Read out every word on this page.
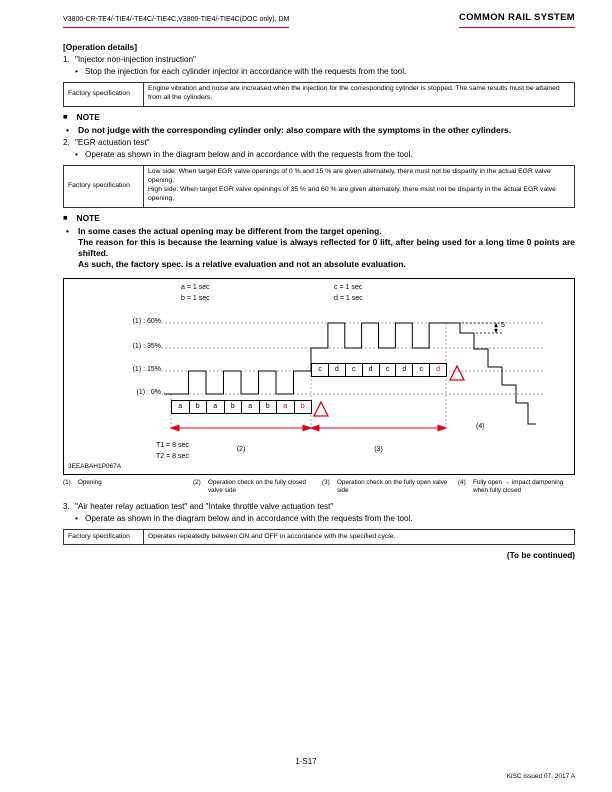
V3800-CR-TE4/-TIE4/-TE4C/-TIE4C,V3800-TIE4/-TIE4C(DOC only), DM	COMMON RAIL SYSTEM
[Operation details]
1. "Injector non-injection instruction"
• Stop the injection for each cylinder injector in accordance with the requests from the tool.
Factory specification	Engine vibration and noise are increased when the injection for the corresponding cylinder is stopped. The same results must be attained from all the cylinders.
■ NOTE
• Do not judge with the corresponding cylinder only: also compare with the symptoms in the other cylinders.
2. "EGR actuation test"
• Operate as shown in the diagram below and in accordance with the requests from the tool.
Factory specification	
Low side: When target EGR valve openings of 0 % and 15 % are given alternately, there must not be disparity in the actual EGR valve opening.
High side: When target EGR valve openings of 35 % and 60 % are given alternately, there must not be disparity in the actual EGR valve opening.
■ NOTE
• In some cases the actual opening may be different from the target opening.
The reason for this is because the learning value is always reflected for 0 lift, after being used for a long time 0 points are shifted.
As such, the factory spec. is a relative evaluation and not an absolute evaluation.
a = 1 sec
b = 1 sec
c = 1 sec
d = 1 sec
(1) : 60%
(1) : 35%
(1) : 15%
(1) : 0%
a	b	a	b	a	b	a	b
c	d	c	d	c	d	c	d
5
T1 = 8 sec
T2 = 8 sec
(2)	(3)
(4)
3EEABAH1P067A
(1)	Opening	(2)	Operation check on the fully closed valve side
(3)	Operation check on the fully open valve side
(4)	Fully open → impact dampening when fully closed
3. "Air heater relay actuation test" and "Intake throttle valve actuation test"
• Operate as shown in the diagram below and in accordance with the requests from the tool.
Factory specification	Operates repeatedly between ON and OFF in accordance with the specified cycle.
(To be continued)
1-S17
KiSC issued 07, 2017 A
